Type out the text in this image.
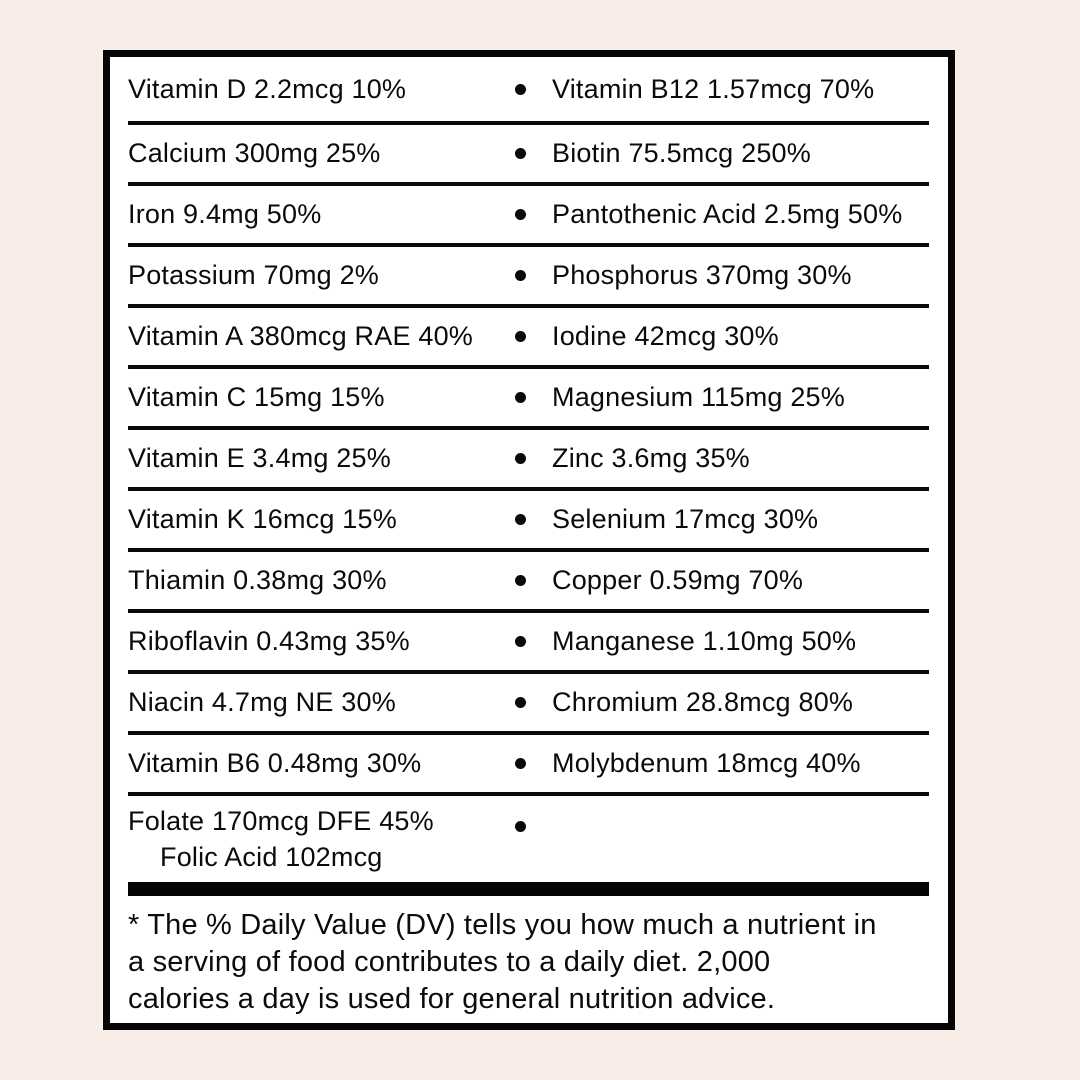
Vitamin D 2.2mcg 10%	Vitamin B12 1.57mcg 70%
Calcium 300mg 25%	Biotin 75.5mcg 250%
Iron 9.4mg 50%	Pantothenic Acid 2.5mg 50%
Potassium 70mg 2%	Phosphorus 370mg 30%
Vitamin A 380mcg RAE 40%	Iodine 42mcg 30%
Vitamin C 15mg 15%	Magnesium 115mg 25%
Vitamin E 3.4mg 25%	Zinc 3.6mg 35%
Vitamin K 16mcg 15%	Selenium 17mcg 30%
Thiamin 0.38mg 30%	Copper 0.59mg 70%
Riboflavin 0.43mg 35%	Manganese 1.10mg 50%
Niacin 4.7mg NE 30%	Chromium 28.8mcg 80%
Vitamin B6 0.48mg 30%	Molybdenum 18mcg 40%
Folate 170mcg DFE 45%
Folic Acid 102mcg
* The % Daily Value (DV) tells you how much a nutrient in
a serving of food contributes to a daily diet. 2,000
calories a day is used for general nutrition advice.
